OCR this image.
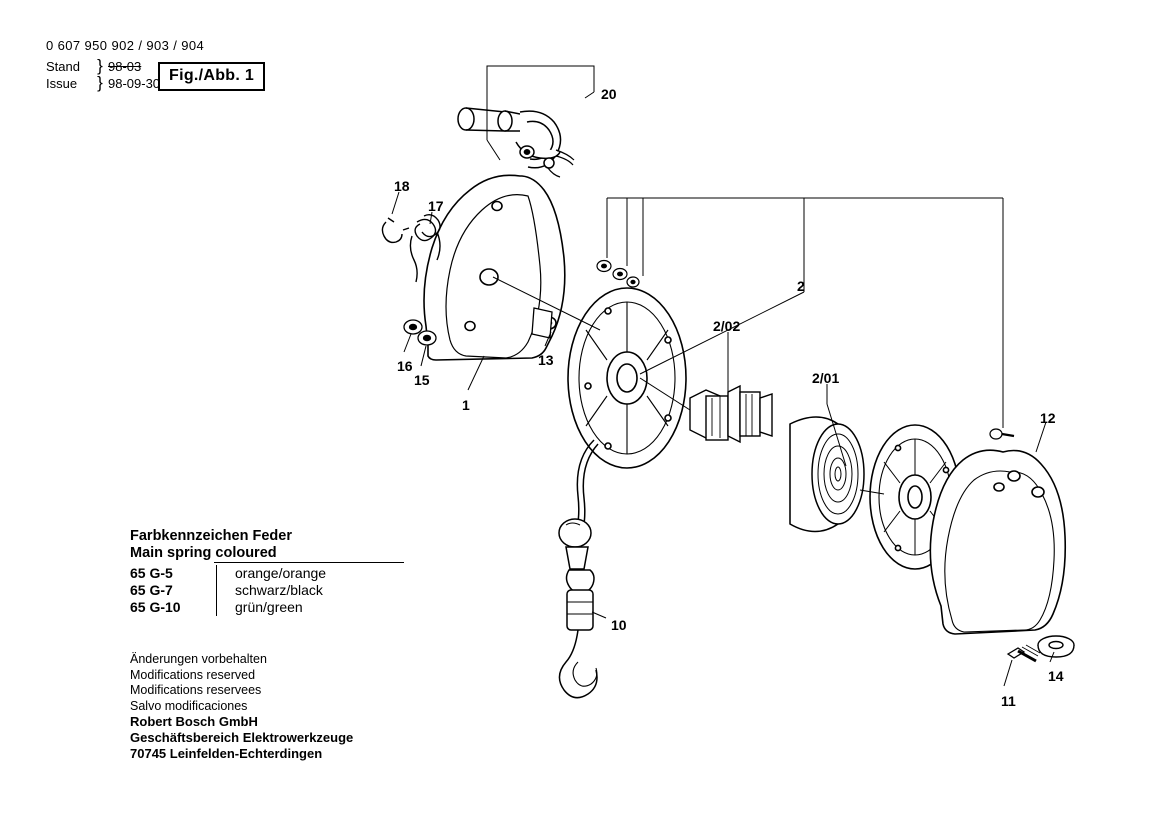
0 607 950 902 / 903 / 904
Stand } 98-03
Issue } 98-09-30 Fig./Abb. 1
20
18
17
16
15
13
1
2
2/02
2/01
12
14
11
10
Farbkennzeichen Feder
Main spring coloured
65 G-5		orange/orange
65 G-7		schwarz/black
65 G-10		grün/green
Änderungen vorbehalten
Modifications reserved
Modifications reservees
Salvo modificaciones
Robert Bosch GmbH
Geschäftsbereich Elektrowerkzeuge
70745 Leinfelden-Echterdingen
